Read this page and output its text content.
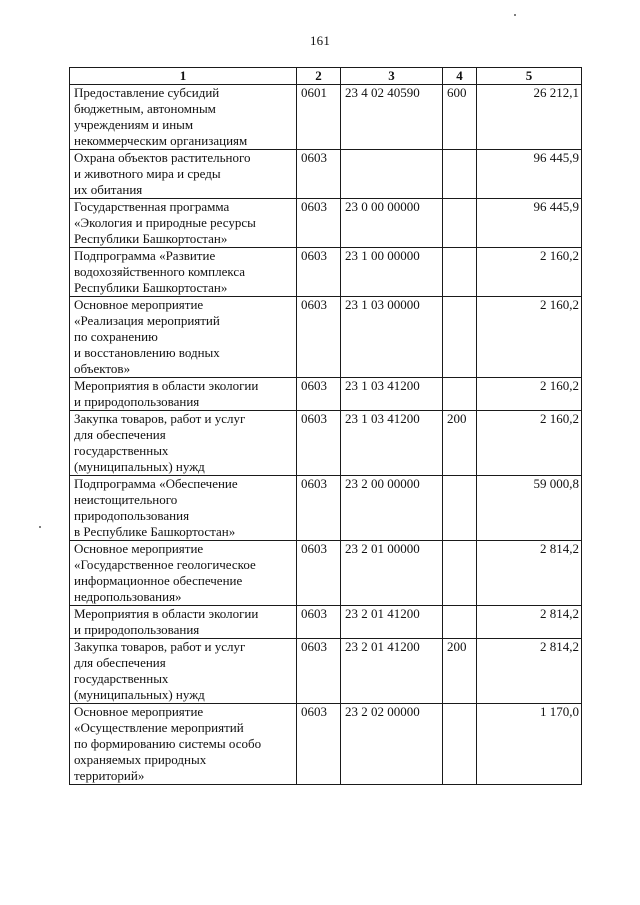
161
1	2	3	4	5
Предоставление субсидий
бюджетным, автономным
учреждениям и иным
некоммерческим организациям	0601	23 4 02 40590	600	26 212,1
Охрана объектов растительного
и животного мира и среды
их обитания	0603			96 445,9
Государственная программа
«Экология и природные ресурсы
Республики Башкортостан»	0603	23 0 00 00000		96 445,9
Подпрограмма «Развитие
водохозяйственного комплекса
Республики Башкортостан»	0603	23 1 00 00000		2 160,2
Основное мероприятие
«Реализация мероприятий
по сохранению
и восстановлению водных
объектов»	0603	23 1 03 00000		2 160,2
Мероприятия в области экологии
и природопользования	0603	23 1 03 41200		2 160,2
Закупка товаров, работ и услуг
для обеспечения
государственных
(муниципальных) нужд	0603	23 1 03 41200	200	2 160,2
Подпрограмма «Обеспечение
неистощительного
природопользования
в Республике Башкортостан»	0603	23 2 00 00000		59 000,8
Основное мероприятие
«Государственное геологическое
информационное обеспечение
недропользования»	0603	23 2 01 00000		2 814,2
Мероприятия в области экологии
и природопользования	0603	23 2 01 41200		2 814,2
Закупка товаров, работ и услуг
для обеспечения
государственных
(муниципальных) нужд	0603	23 2 01 41200	200	2 814,2
Основное мероприятие
«Осуществление мероприятий
по формированию системы особо
охраняемых природных
территорий»	0603	23 2 02 00000		1 170,0
